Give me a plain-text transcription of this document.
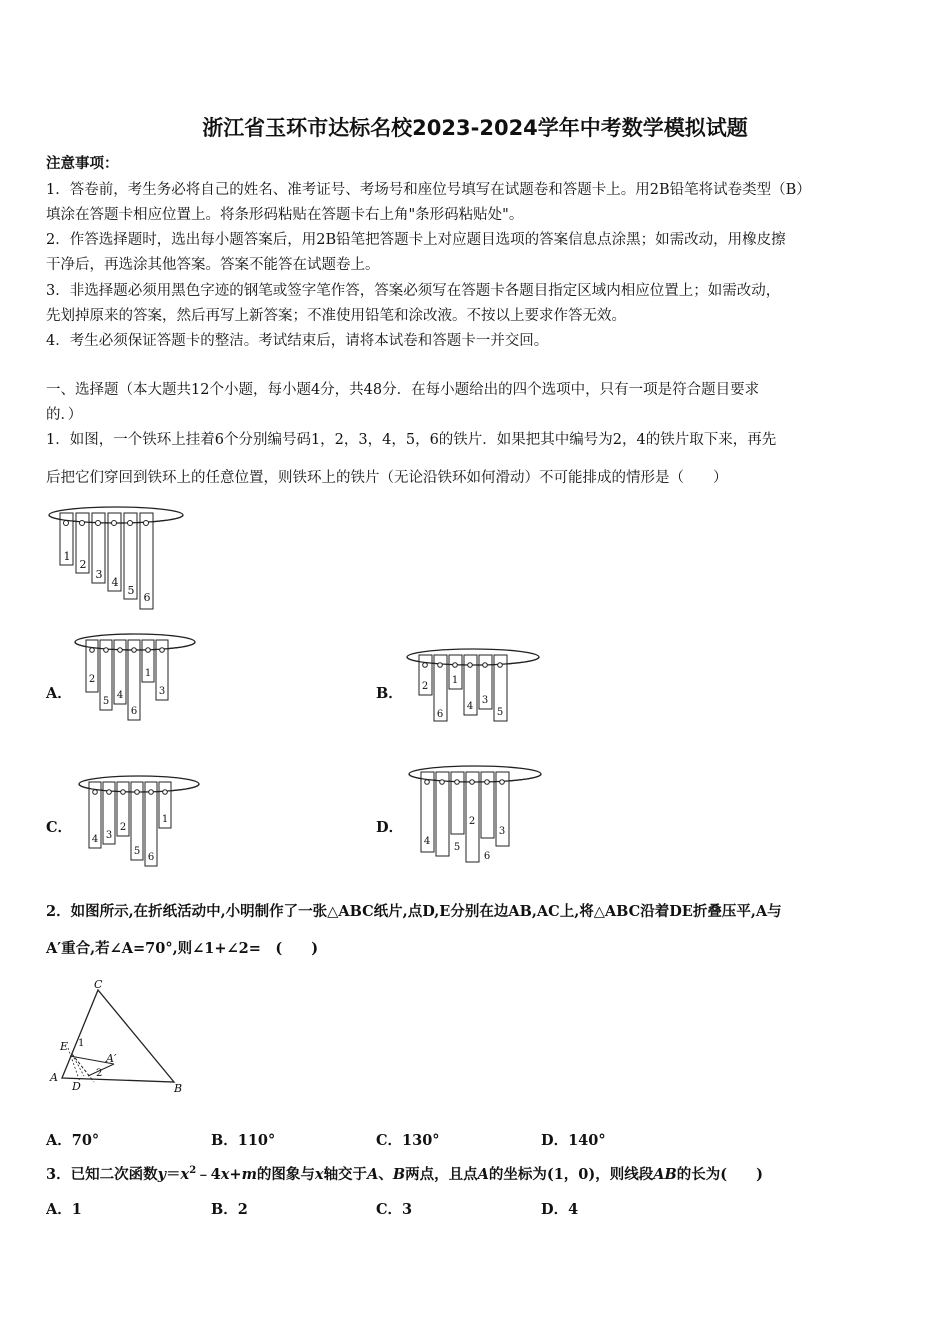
浙江省玉环市达标名校2023-2024学年中考数学模拟试题
注意事项：
1．答卷前，考生务必将自己的姓名、准考证号、考场号和座位号填写在试题卷和答题卡上。用2B铅笔将试卷类型（B）
填涂在答题卡相应位置上。将条形码粘贴在答题卡右上角"条形码粘贴处"。
2．作答选择题时，选出每小题答案后，用2B铅笔把答题卡上对应题目选项的答案信息点涂黑；如需改动，用橡皮擦
干净后，再选涂其他答案。答案不能答在试题卷上。
3．非选择题必须用黑色字迹的钢笔或签字笔作答，答案必须写在答题卡各题目指定区域内相应位置上；如需改动，
先划掉原来的答案，然后再写上新答案；不准使用铅笔和涂改液。不按以上要求作答无效。
4．考生必须保证答题卡的整洁。考试结束后，请将本试卷和答题卡一并交回。
一、选择题（本大题共12个小题，每小题4分，共48分．在每小题给出的四个选项中，只有一项是符合题目要求
的．）
1．如图，一个铁环上挂着6个分别编号码1，2，3，4，5，6的铁片．如果把其中编号为2，4的铁片取下来，再先
后把它们穿回到铁环上的任意位置，则铁环上的铁片（无论沿铁环如何滑动）不可能排成的情形是（　　）
1
2
3
4
5
6
A．
2
5
4
6
1
3	B． 2
6
1
4
3
5
C．
4 3
2
5
6
1	D．
4
5
2
6
3
2．如图所示,在折纸活动中,小明制作了一张△ABC纸片,点D,E分别在边AB,AC上,将△ABC沿着DE折叠压平,A与
A′重合,若∠A=70°,则∠1+∠2=　(　　)
C
E
A
D	B
A′
1
2
A．70°	B．110°	C．130°	D．140°
3．已知二次函数$y=x^2﹣4x+m$的图象与x轴交于A、B两点，且点A的坐标为(1，0)，则线段AB的长为(　　)
A．1	B．2	C．3	D．4
